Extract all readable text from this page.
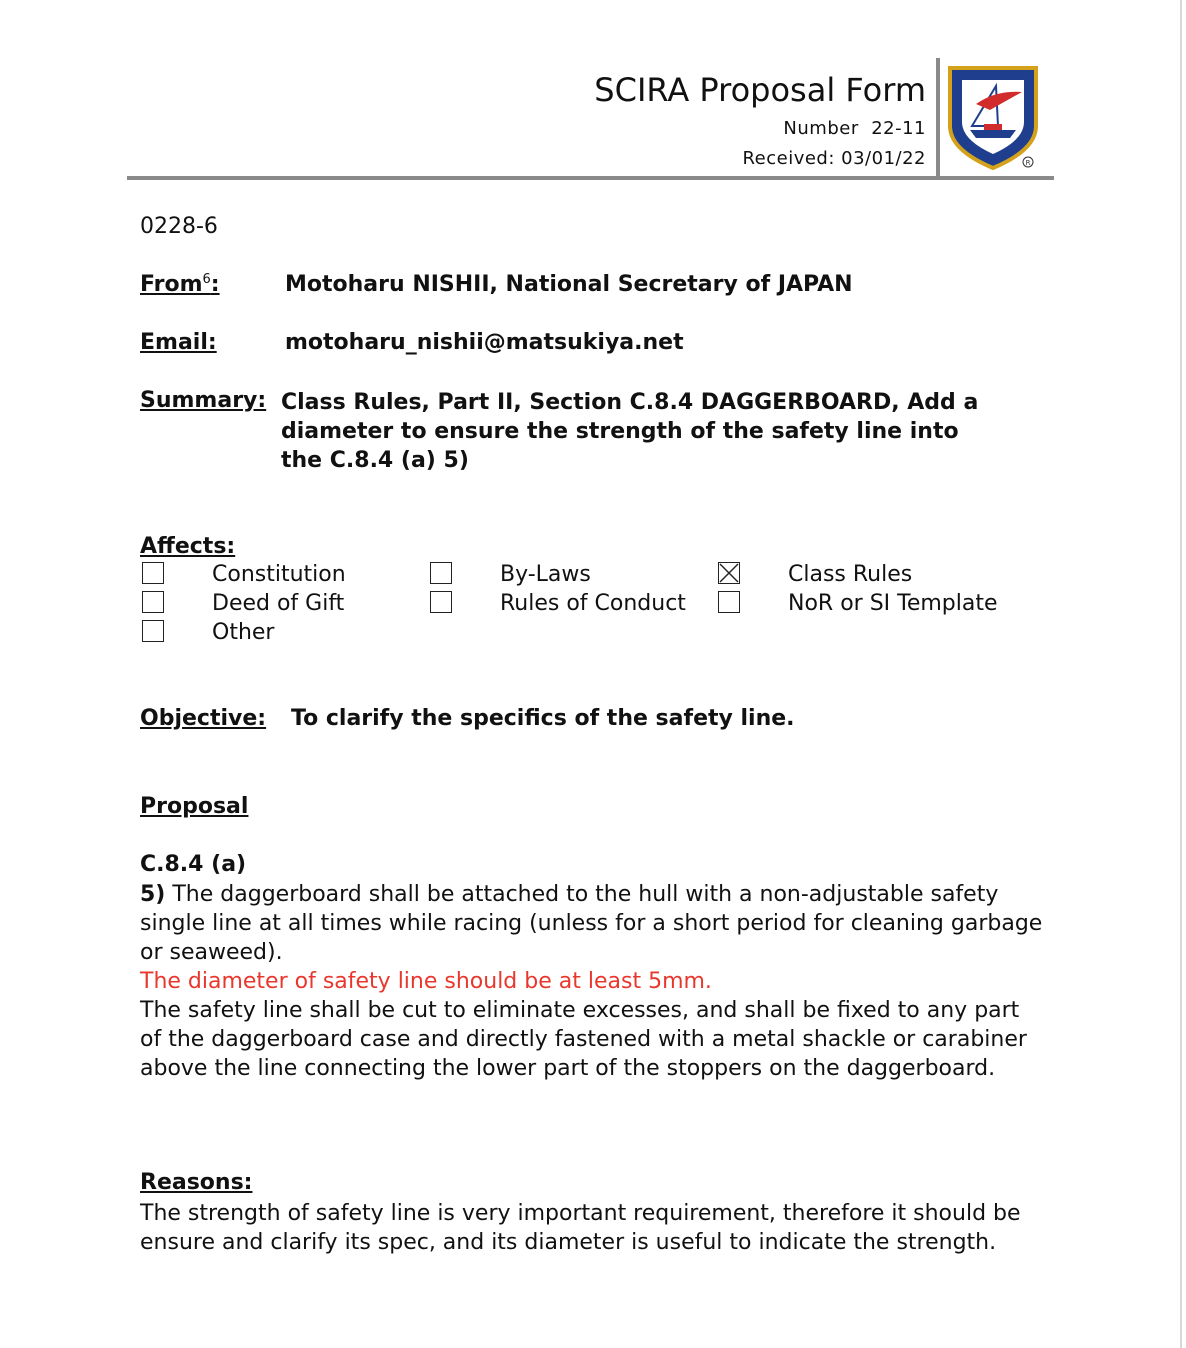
SCIRA Proposal Form
Number 22-11
Received: 03/01/22	R
0228-6
From$^6$:	Motoharu NISHII, National Secretary of JAPAN
Email:	motoharu_nishii@matsukiya.net
Summary: Class Rules, Part II, Section C.8.4 DAGGERBOARD, Add a diameter to ensure the strength of the safety line into the C.8.4 (a) 5)
Affects:
Constitution	By-Laws	Class Rules
Deed of Gift	Rules of Conduct	NoR or SI Template
Other
Objective: To clarify the specifics of the safety line.
Proposal
C.8.4 (a)
5) The daggerboard shall be attached to the hull with a non-adjustable safety single line at all times while racing (unless for a short period for cleaning garbage or seaweed).
The diameter of safety line should be at least 5mm.
The safety line shall be cut to eliminate excesses, and shall be fixed to any part of the daggerboard case and directly fastened with a metal shackle or carabiner above the line connecting the lower part of the stoppers on the daggerboard.
Reasons:
The strength of safety line is very important requirement, therefore it should be ensure and clarify its spec, and its diameter is useful to indicate the strength.
